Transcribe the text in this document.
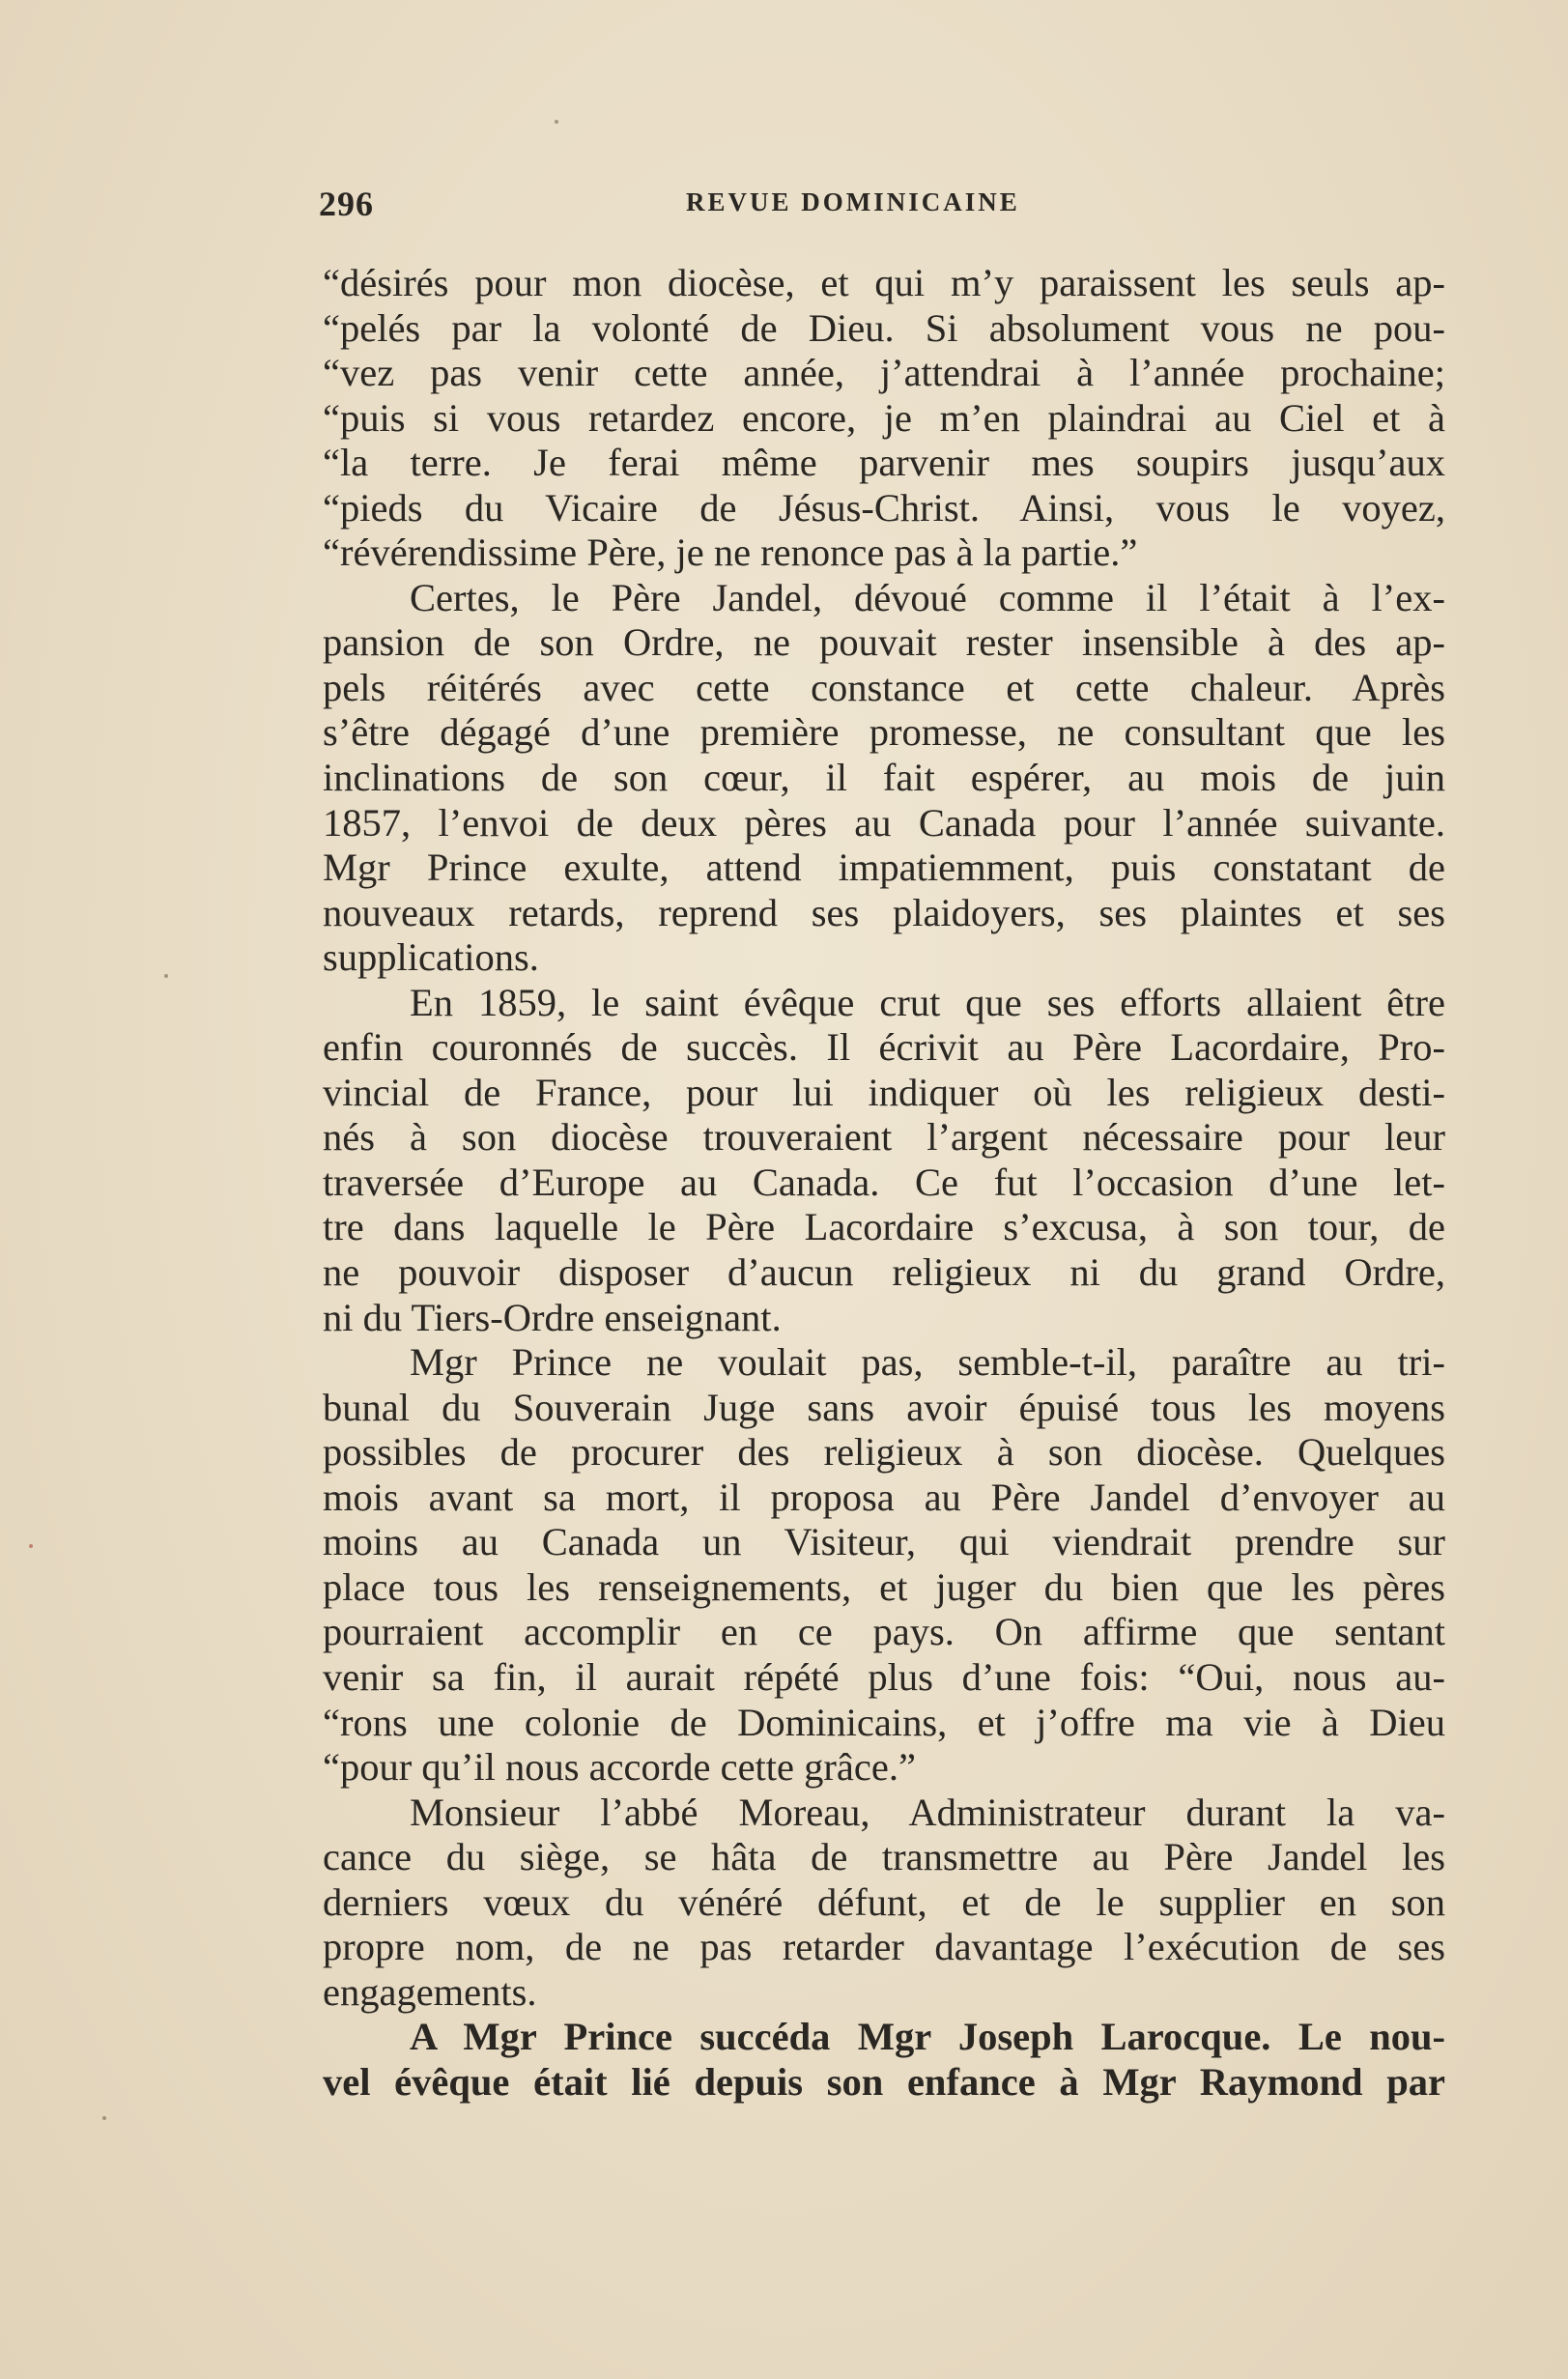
296	REVUE DOMINICAINE
“désirés pour mon diocèse, et qui m’y paraissent les seuls ap-
“pelés par la volonté de Dieu. Si absolument vous ne pou-
“vez pas venir cette année, j’attendrai à l’année prochaine;
“puis si vous retardez encore, je m’en plaindrai au Ciel et à
“la terre. Je ferai même parvenir mes soupirs jusqu’aux
“pieds du Vicaire de Jésus-Christ. Ainsi, vous le voyez,
“révérendissime Père, je ne renonce pas à la partie.”
Certes, le Père Jandel, dévoué comme il l’était à l’ex-
pansion de son Ordre, ne pouvait rester insensible à des ap-
pels réitérés avec cette constance et cette chaleur. Après
s’être dégagé d’une première promesse, ne consultant que les
inclinations de son cœur, il fait espérer, au mois de juin
1857, l’envoi de deux pères au Canada pour l’année suivante.
Mgr Prince exulte, attend impatiemment, puis constatant de
nouveaux retards, reprend ses plaidoyers, ses plaintes et ses
supplications.
En 1859, le saint évêque crut que ses efforts allaient être
enfin couronnés de succès. Il écrivit au Père Lacordaire, Pro-
vincial de France, pour lui indiquer où les religieux desti-
nés à son diocèse trouveraient l’argent nécessaire pour leur
traversée d’Europe au Canada. Ce fut l’occasion d’une let-
tre dans laquelle le Père Lacordaire s’excusa, à son tour, de
ne pouvoir disposer d’aucun religieux ni du grand Ordre,
ni du Tiers-Ordre enseignant.
Mgr Prince ne voulait pas, semble-t-il, paraître au tri-
bunal du Souverain Juge sans avoir épuisé tous les moyens
possibles de procurer des religieux à son diocèse. Quelques
mois avant sa mort, il proposa au Père Jandel d’envoyer au
moins au Canada un Visiteur, qui viendrait prendre sur
place tous les renseignements, et juger du bien que les pères
pourraient accomplir en ce pays. On affirme que sentant
venir sa fin, il aurait répété plus d’une fois: “Oui, nous au-
“rons une colonie de Dominicains, et j’offre ma vie à Dieu
“pour qu’il nous accorde cette grâce.”
Monsieur l’abbé Moreau, Administrateur durant la va-
cance du siège, se hâta de transmettre au Père Jandel les
derniers vœux du vénéré défunt, et de le supplier en son
propre nom, de ne pas retarder davantage l’exécution de ses
engagements.
A Mgr Prince succéda Mgr Joseph Larocque. Le nou-
vel évêque était lié depuis son enfance à Mgr Raymond par
